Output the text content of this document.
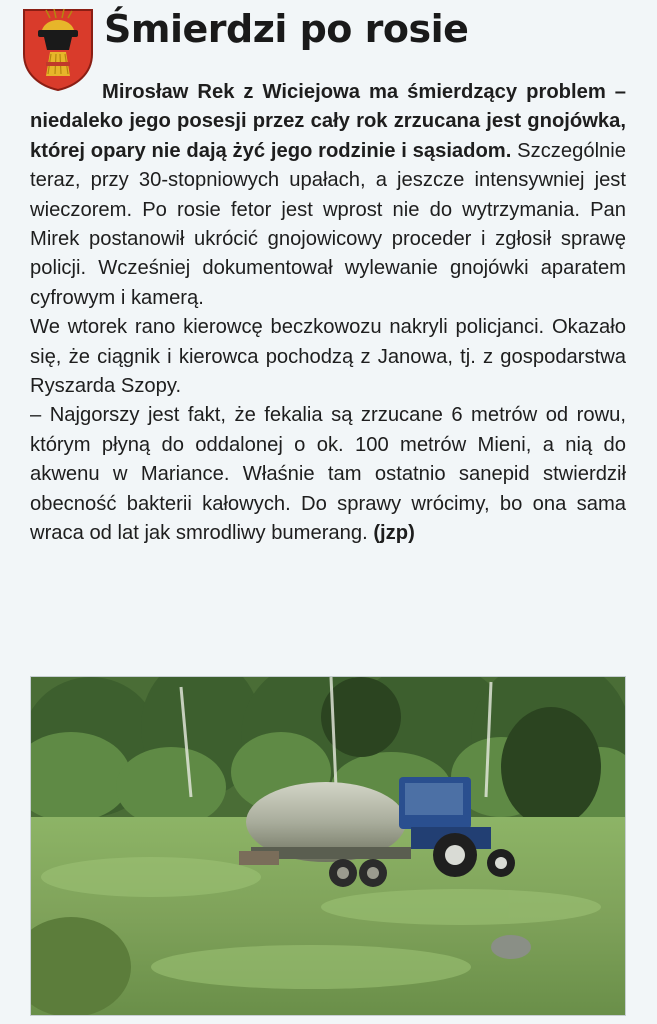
Śmierdzi po rosie

Mirosław Rek z Wiciejowa ma śmierdzący problem – niedaleko jego posesji przez cały rok zrzucana jest gnojówka, której opary nie dają żyć jego rodzinie i sąsiadom. Szczególnie teraz, przy 30-stopniowych upałach, a jeszcze intensywniej jest wieczorem. Po rosie fetor jest wprost nie do wytrzymania. Pan Mirek postanowił ukrócić gnojowicowy proceder i zgłosił sprawę policji. Wcześniej dokumentował wylewanie gnojówki aparatem cyfrowym i kamerą.

We wtorek rano kierowcę beczkowozu nakryli policjanci. Okazało się, że ciągnik i kierowca pochodzą z Janowa, tj. z gospodarstwa Ryszarda Szopy.

– Najgorszy jest fakt, że fekalia są zrzucane 6 metrów od rowu, którym płyną do oddalonej o ok. 100 metrów Mieni, a nią do akwenu w Mariance. Właśnie tam ostatnio sanepid stwierdził obecność bakterii kałowych. Do sprawy wrócimy, bo ona sama wraca od lat jak smrodliwy bumerang. (jzp)
